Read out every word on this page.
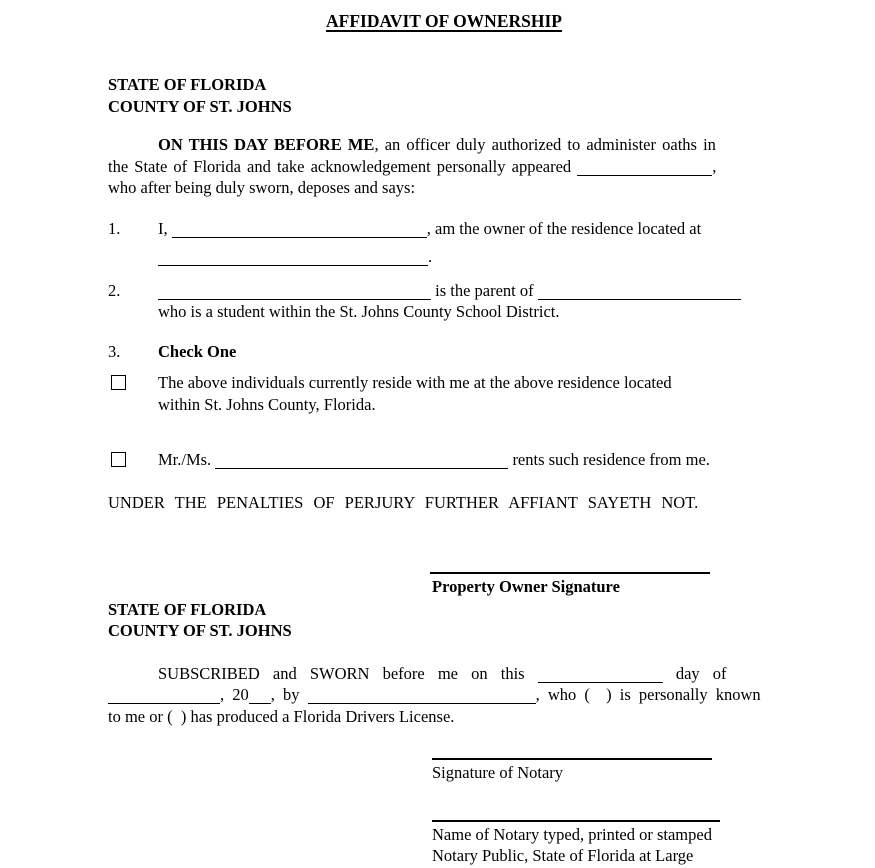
AFFIDAVIT OF OWNERSHIP
STATE OF FLORIDA
COUNTY OF ST. JOHNS
ON THIS DAY BEFORE ME, an officer duly authorized to administer oaths in
the State of Florida and take acknowledgement personally appeared	,
who after being duly sworn, deposes and says:
1.	I,	, am the owner of the residence located at
.
2.	is the parent of
who is a student within the St. Johns County School District.
3.	Check One
The above individuals currently reside with me at the above residence located
within St. Johns County, Florida.
Mr./Ms.	rents such residence from me.
UNDER THE PENALTIES OF PERJURY FURTHER AFFIANT SAYETH NOT.
Property Owner Signature
STATE OF FLORIDA
COUNTY OF ST. JOHNS
SUBSCRIBED and SWORN before me on this	day of
, 20 , by	, who (  ) is personally known
to me or (  ) has produced a Florida Drivers License.
Signature of Notary
Name of Notary typed, printed or stamped
Notary Public, State of Florida at Large
